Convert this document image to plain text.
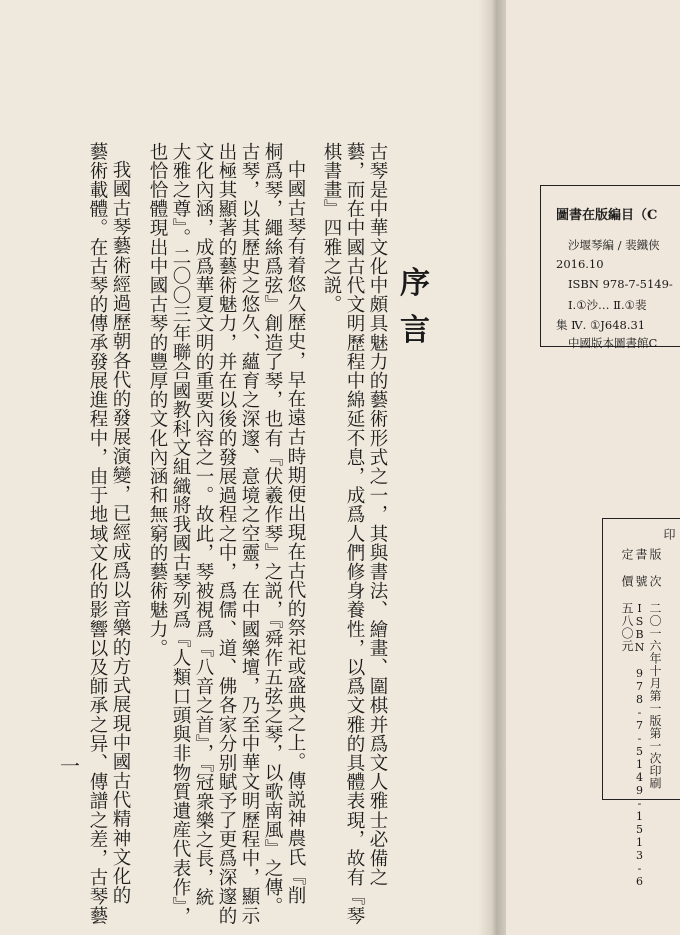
序
言
古琴是中華文化中頗具魅力的藝術形式之一，其與書法、繪畫、圍棋并爲文人雅士必備之
藝，而在中國古代文明歷程中綿延不息，成爲人們修身養性，以爲文雅的具體表現，故有『琴
棋書畫』四雅之説。
中國古琴有着悠久歷史，早在遠古時期便出現在古代的祭祀或盛典之上。傳説神農氏『削
桐爲琴，繩絲爲弦』創造了琴，也有『伏羲作琴』之説，『舜作五弦之琴，以歌南風』之傳。
古琴，以其歷史之悠久、蘊育之深邃、意境之空靈，在中國樂壇，乃至中華文明歷程中，顯示
出極其顯著的藝術魅力，并在以後的發展過程之中，爲儒、道、佛各家分别賦予了更爲深邃的
文化內涵，成爲華夏文明的重要內容之一。故此，琴被視爲『八音之首』，『冠衆樂之長，統
大雅之尊』。二〇〇三年聯合國教科文組織將我國古琴列爲『人類口頭與非物質遺産代表作』，
也恰恰體現出中國古琴的豐厚的文化內涵和無窮的藝術魅力。
我國古琴藝術經過歷朝各代的發展演變，已經成爲以音樂的方式展現中國古代精神文化的
藝術載體。在古琴的傳承發展進程中，由于地域文化的影響以及師承之异、傳譜之差，古琴藝
一
圖書在版編目（C
沙堰琴編 / 裴鐵俠
2016.10
ISBN 978-7-5149-
Ⅰ.①沙… Ⅱ.①裴
集 Ⅳ. ①J648.31
中國版本圖書館C
印
版
書
定
次
號
價
二〇一六年十月第一版第一次印刷
ISBN 978-7-5149-1513-6
五八〇元
